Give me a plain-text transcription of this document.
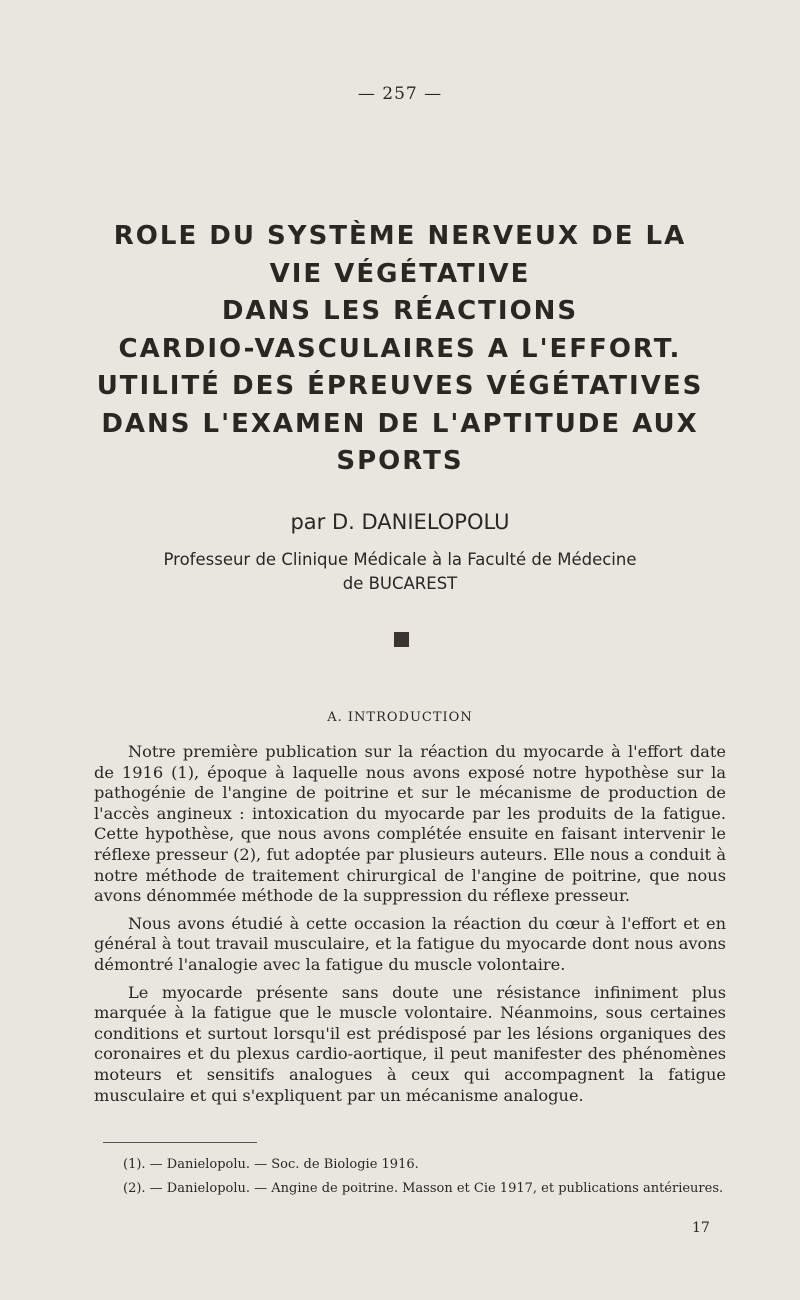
— 257 —
ROLE DU SYSTÈME NERVEUX DE LA
VIE VÉGÉTATIVE
DANS LES RÉACTIONS
CARDIO-VASCULAIRES A L'EFFORT.
UTILITÉ DES ÉPREUVES VÉGÉTATIVES
DANS L'EXAMEN DE L'APTITUDE AUX
SPORTS
par D. DANIELOPOLU
Professeur de Clinique Médicale à la Faculté de Médecine
de BUCAREST
A. INTRODUCTION

Notre première publication sur la réaction du myocarde à l'effort date de 1916 (1), époque à laquelle nous avons exposé notre hypothèse sur la pathogénie de l'angine de poitrine et sur le mécanisme de production de l'accès angineux : intoxication du myocarde par les produits de la fatigue. Cette hypothèse, que nous avons complétée ensuite en faisant intervenir le réflexe presseur (2), fut adoptée par plusieurs auteurs. Elle nous a conduit à notre méthode de traitement chirurgical de l'angine de poitrine, que nous avons dénommée méthode de la suppression du réflexe presseur.

Nous avons étudié à cette occasion la réaction du cœur à l'effort et en général à tout travail musculaire, et la fatigue du myocarde dont nous avons démontré l'analogie avec la fatigue du muscle volontaire.

Le myocarde présente sans doute une résistance infiniment plus marquée à la fatigue que le muscle volontaire. Néanmoins, sous certaines conditions et surtout lorsqu'il est prédisposé par les lésions organiques des coronaires et du plexus cardio-aortique, il peut manifester des phénomènes moteurs et sensitifs analogues à ceux qui accompagnent la fatigue musculaire et qui s'expliquent par un mécanisme analogue.

(1). — Danielopolu. — Soc. de Biologie 1916.

(2). — Danielopolu. — Angine de poitrine. Masson et Cie 1917, et publications antérieures.

17
